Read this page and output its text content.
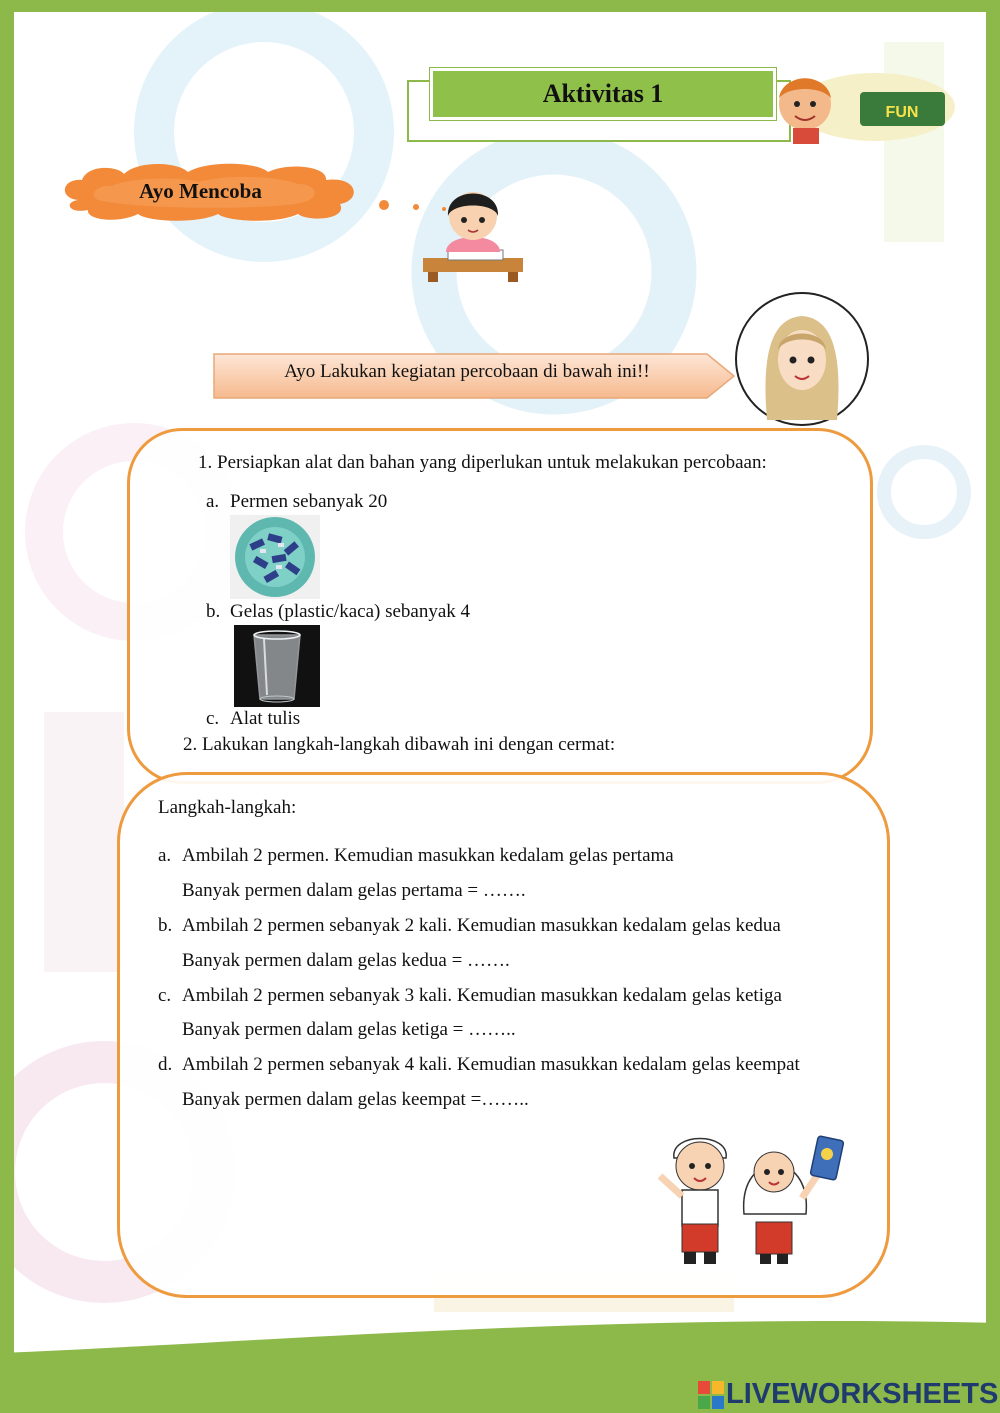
Aktivitas 1
FUN
Ayo Mencoba
Ayo Lakukan kegiatan percobaan di bawah ini!!
1. Persiapkan alat dan bahan yang diperlukan untuk melakukan percobaan:
a. Permen sebanyak 20
b. Gelas (plastic/kaca) sebanyak 4
c. Alat tulis
2. Lakukan langkah-langkah dibawah ini dengan cermat:
Langkah-langkah:
a. Ambilah 2 permen. Kemudian masukkan kedalam gelas pertama
Banyak permen dalam gelas pertama = …….
b. Ambilah 2 permen sebanyak 2 kali. Kemudian masukkan kedalam gelas kedua
Banyak permen dalam gelas kedua = …….
c. Ambilah 2 permen sebanyak 3 kali. Kemudian masukkan kedalam gelas ketiga
Banyak permen dalam gelas ketiga = ……..
d. Ambilah 2 permen sebanyak 4 kali. Kemudian masukkan kedalam gelas keempat
Banyak permen dalam gelas keempat =……..
LIVEWORKSHEETS
